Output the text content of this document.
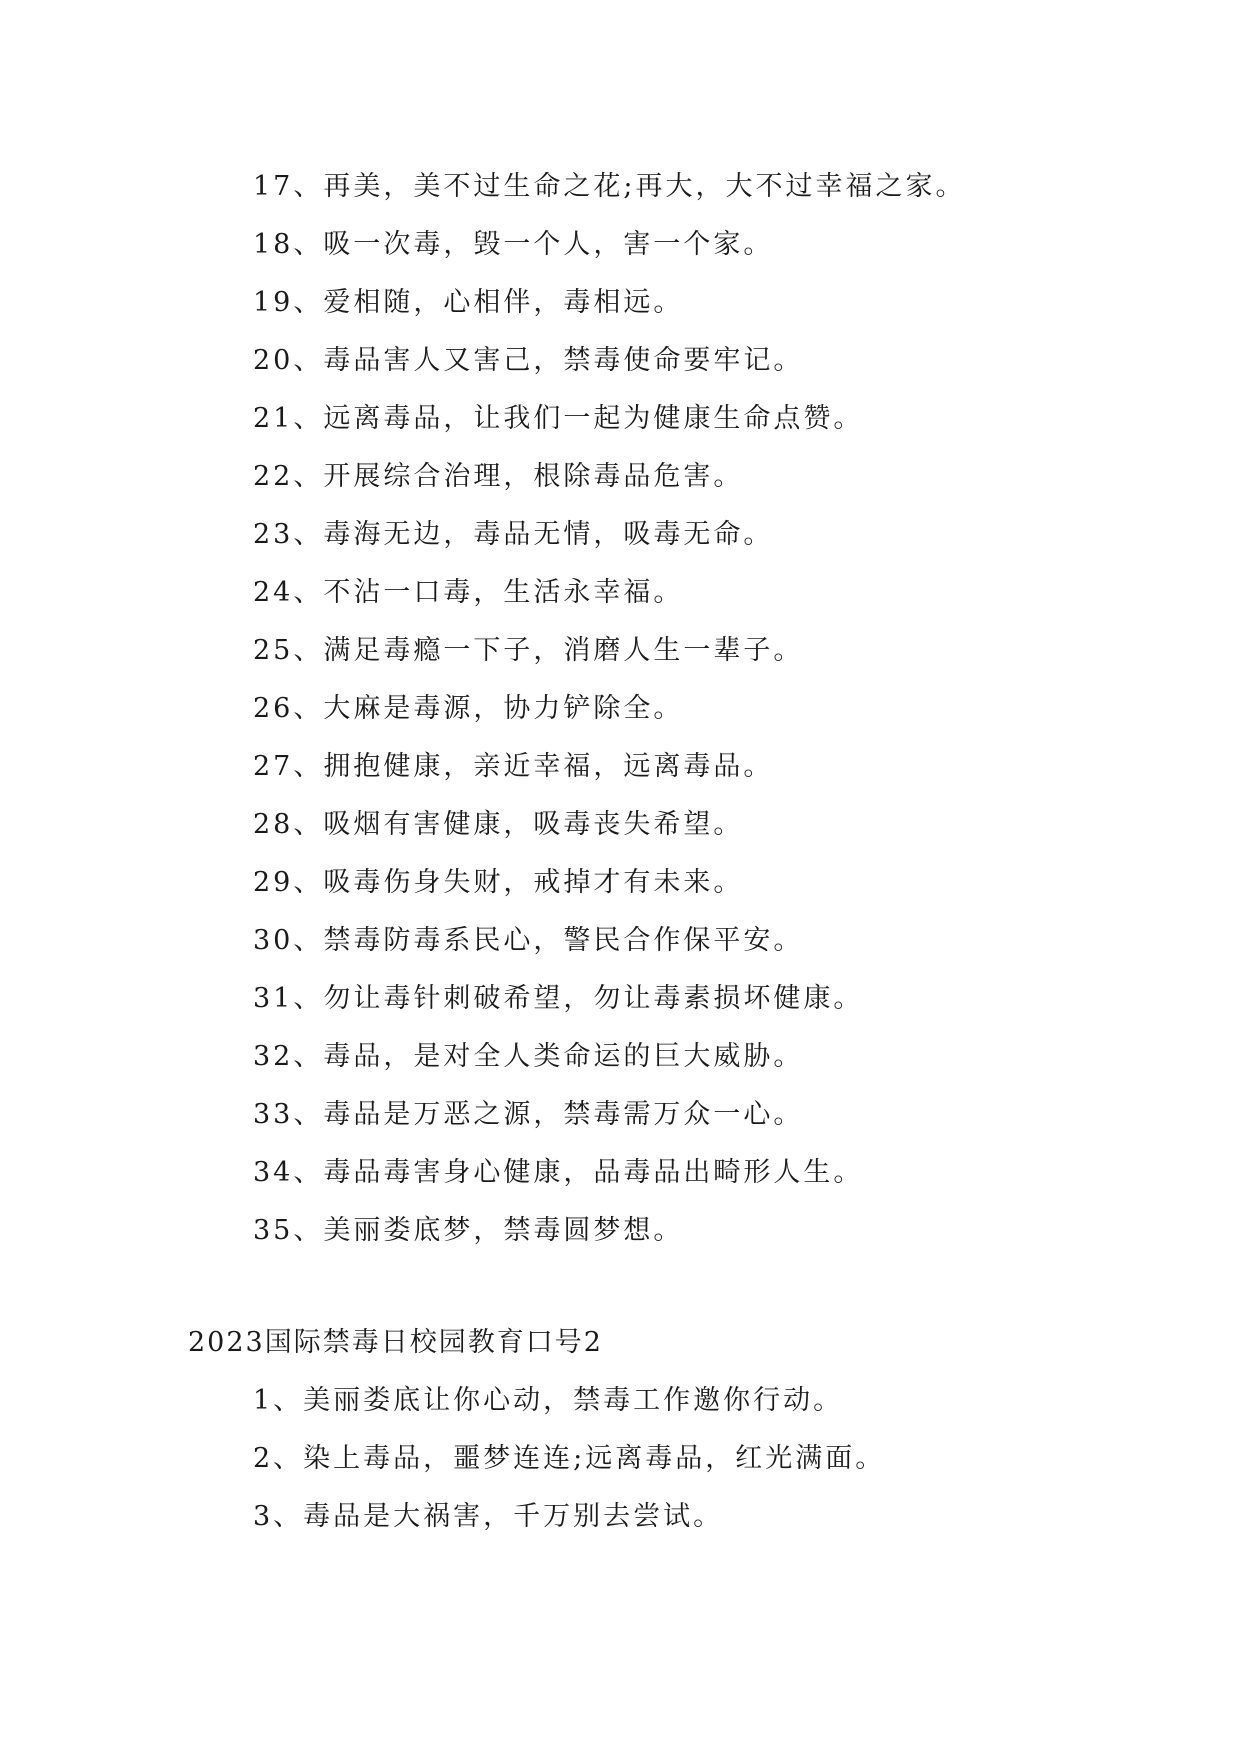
17、再美，美不过生命之花;再大，大不过幸福之家。
18、吸一次毒，毁一个人，害一个家。
19、爱相随，心相伴，毒相远。
20、毒品害人又害己，禁毒使命要牢记。
21、远离毒品，让我们一起为健康生命点赞。
22、开展综合治理，根除毒品危害。
23、毒海无边，毒品无情，吸毒无命。
24、不沾一口毒，生活永幸福。
25、满足毒瘾一下子，消磨人生一辈子。
26、大麻是毒源，协力铲除全。
27、拥抱健康，亲近幸福，远离毒品。
28、吸烟有害健康，吸毒丧失希望。
29、吸毒伤身失财，戒掉才有未来。
30、禁毒防毒系民心，警民合作保平安。
31、勿让毒针刺破希望，勿让毒素损坏健康。
32、毒品，是对全人类命运的巨大威胁。
33、毒品是万恶之源，禁毒需万众一心。
34、毒品毒害身心健康，品毒品出畸形人生。
35、美丽娄底梦，禁毒圆梦想。
2023国际禁毒日校园教育口号2
1、美丽娄底让你心动，禁毒工作邀你行动。
2、染上毒品，噩梦连连;远离毒品，红光满面。
3、毒品是大祸害，千万别去尝试。
